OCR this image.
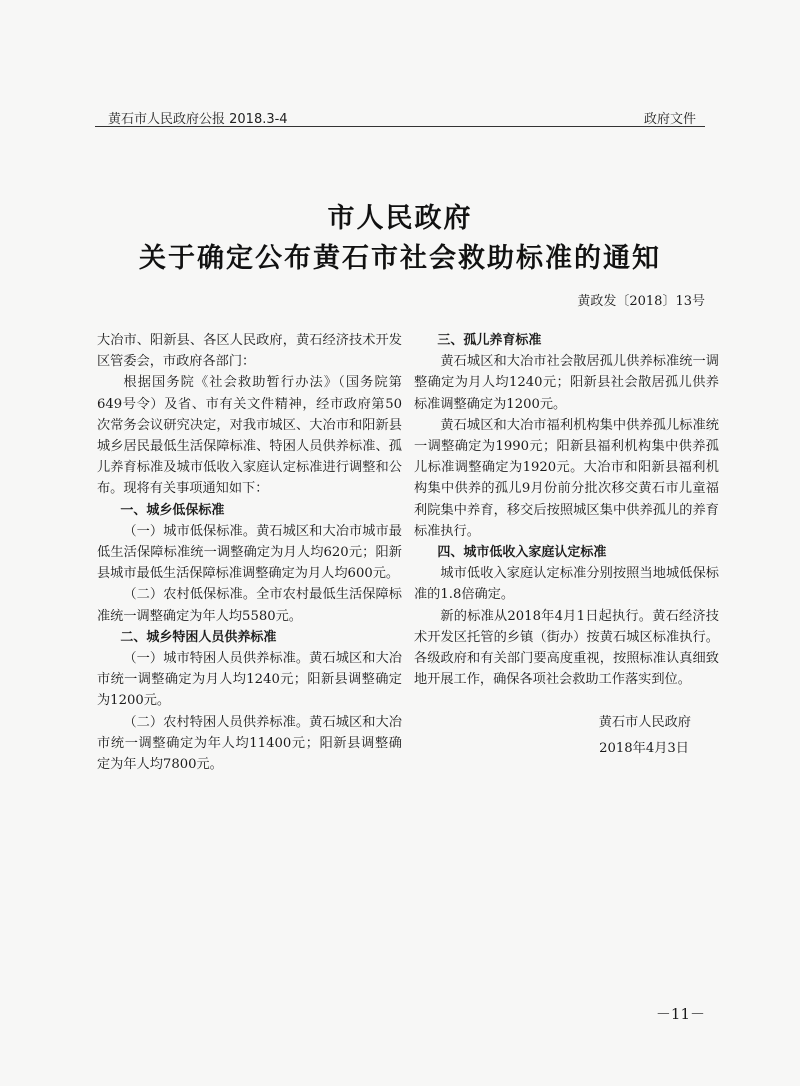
黄石市人民政府公报 2018.3-4	政府文件
市人民政府
关于确定公布黄石市社会救助标准的通知
黄政发〔2018〕13号

大冶市、阳新县、各区人民政府，黄石经济技术开发区管委会，市政府各部门：

根据国务院《社会救助暂行办法》（国务院第649号令）及省、市有关文件精神，经市政府第50次常务会议研究决定，对我市城区、大冶市和阳新县城乡居民最低生活保障标准、特困人员供养标准、孤儿养育标准及城市低收入家庭认定标准进行调整和公布。现将有关事项通知如下：

一、城乡低保标准

（一）城市低保标准。黄石城区和大冶市城市最低生活保障标准统一调整确定为月人均620元；阳新县城市最低生活保障标准调整确定为月人均600元。

（二）农村低保标准。全市农村最低生活保障标准统一调整确定为年人均5580元。

二、城乡特困人员供养标准

（一）城市特困人员供养标准。黄石城区和大冶市统一调整确定为月人均1240元；阳新县调整确定为1200元。

（二）农村特困人员供养标准。黄石城区和大冶市统一调整确定为年人均11400元；阳新县调整确定为年人均7800元。

三、孤儿养育标准

黄石城区和大冶市社会散居孤儿供养标准统一调整确定为月人均1240元；阳新县社会散居孤儿供养标准调整确定为1200元。

黄石城区和大冶市福利机构集中供养孤儿标准统一调整确定为1990元；阳新县福利机构集中供养孤儿标准调整确定为1920元。大冶市和阳新县福利机构集中供养的孤儿9月份前分批次移交黄石市儿童福利院集中养育，移交后按照城区集中供养孤儿的养育标准执行。

四、城市低收入家庭认定标准

城市低收入家庭认定标准分别按照当地城低保标准的1.8倍确定。

新的标准从2018年4月1日起执行。黄石经济技术开发区托管的乡镇（街办）按黄石城区标准执行。各级政府和有关部门要高度重视，按照标准认真细致地开展工作，确保各项社会救助工作落实到位。

黄石市人民政府

2018年4月3日

－11－
